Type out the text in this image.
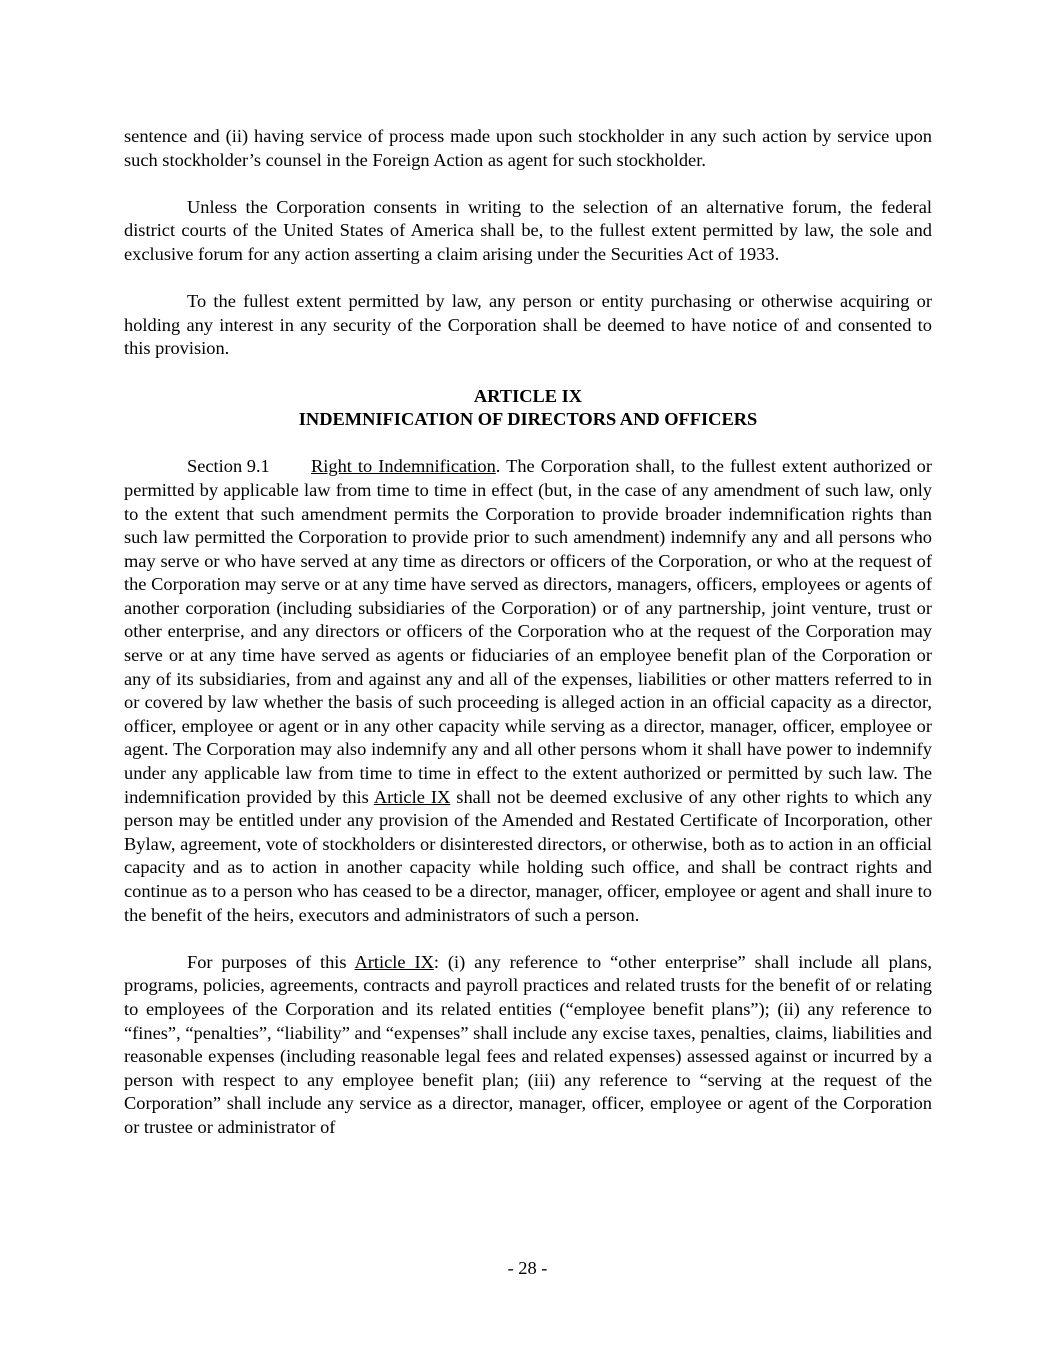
sentence and (ii) having service of process made upon such stockholder in any such action by service upon such stockholder’s counsel in the Foreign Action as agent for such stockholder.

Unless the Corporation consents in writing to the selection of an alternative forum, the federal district courts of the United States of America shall be, to the fullest extent permitted by law, the sole and exclusive forum for any action asserting a claim arising under the Securities Act of 1933.

To the fullest extent permitted by law, any person or entity purchasing or otherwise acquiring or holding any interest in any security of the Corporation shall be deemed to have notice of and consented to this provision.

ARTICLE IX

INDEMNIFICATION OF DIRECTORS AND OFFICERS

Section 9.1 Right to Indemnification. The Corporation shall, to the fullest extent authorized or permitted by applicable law from time to time in effect (but, in the case of any amendment of such law, only to the extent that such amendment permits the Corporation to provide broader indemnification rights than such law permitted the Corporation to provide prior to such amendment) indemnify any and all persons who may serve or who have served at any time as directors or officers of the Corporation, or who at the request of the Corporation may serve or at any time have served as directors, managers, officers, employees or agents of another corporation (including subsidiaries of the Corporation) or of any partnership, joint venture, trust or other enterprise, and any directors or officers of the Corporation who at the request of the Corporation may serve or at any time have served as agents or fiduciaries of an employee benefit plan of the Corporation or any of its subsidiaries, from and against any and all of the expenses, liabilities or other matters referred to in or covered by law whether the basis of such proceeding is alleged action in an official capacity as a director, officer, employee or agent or in any other capacity while serving as a director, manager, officer, employee or agent. The Corporation may also indemnify any and all other persons whom it shall have power to indemnify under any applicable law from time to time in effect to the extent authorized or permitted by such law. The indemnification provided by this Article IX shall not be deemed exclusive of any other rights to which any person may be entitled under any provision of the Amended and Restated Certificate of Incorporation, other Bylaw, agreement, vote of stockholders or disinterested directors, or otherwise, both as to action in an official capacity and as to action in another capacity while holding such office, and shall be contract rights and continue as to a person who has ceased to be a director, manager, officer, employee or agent and shall inure to the benefit of the heirs, executors and administrators of such a person.

For purposes of this Article IX: (i) any reference to “other enterprise” shall include all plans, programs, policies, agreements, contracts and payroll practices and related trusts for the benefit of or relating to employees of the Corporation and its related entities (“employee benefit plans”); (ii) any reference to “fines”, “penalties”, “liability” and “expenses” shall include any excise taxes, penalties, claims, liabilities and reasonable expenses (including reasonable legal fees and related expenses) assessed against or incurred by a person with respect to any employee benefit plan; (iii) any reference to “serving at the request of the Corporation” shall include any service as a director, manager, officer, employee or agent of the Corporation or trustee or administrator of

- 28 -
